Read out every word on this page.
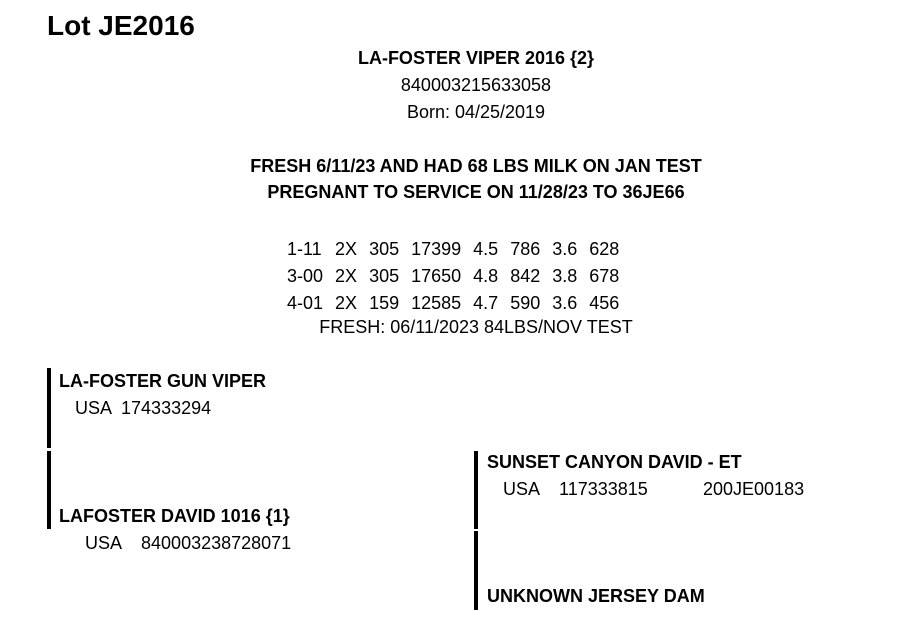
Lot JE2016
LA-FOSTER VIPER 2016 {2}
840003215633058
Born: 04/25/2019
FRESH 6/11/23 AND HAD 68 LBS MILK ON JAN TEST
PREGNANT TO SERVICE ON 11/28/23 TO 36JE66
1-11	2X	305	17399	4.5	786	3.6	628
3-00	2X	305	17650	4.8	842	3.8	678
4-01	2X	159	12585	4.7	590	3.6	456
FRESH: 06/11/2023 84LBS/NOV TEST
LA-FOSTER GUN VIPER
USA  174333294
LAFOSTER DAVID 1016 {1}
USA    840003238728071
SUNSET CANYON DAVID - ET
USA    117333815	200JE00183
UNKNOWN JERSEY DAM
